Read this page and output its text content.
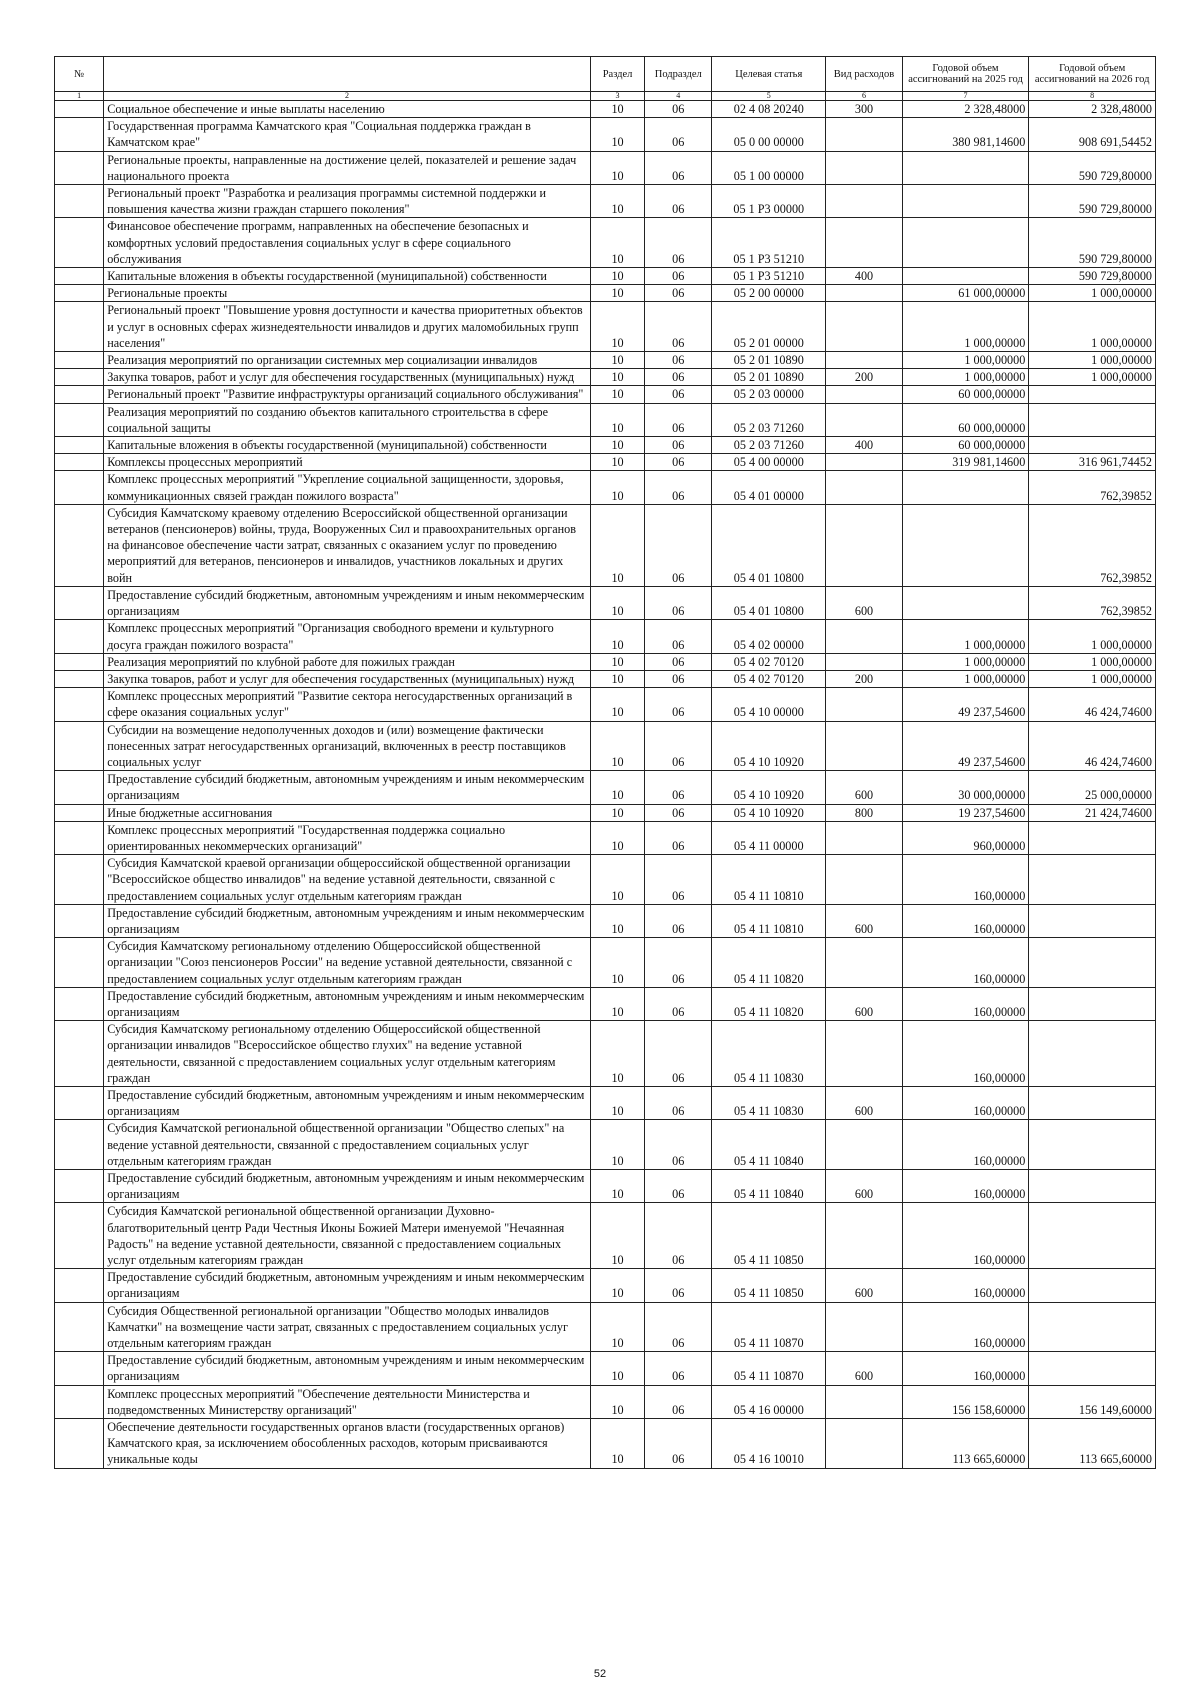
№		Раздел	Подраздел	Целевая статья	Вид расходов	Годовой объем ассигнований на 2025 год	Годовой объем ассигнований на 2026 год
1	2	3	4	5	6	7	8
	Социальное обеспечение и иные выплаты населению	10	06	02 4 08 20240	300	2 328,48000	2 328,48000
	Государственная программа Камчатского края "Социальная поддержка граждан в Камчатском крае"	10	06	05 0 00 00000		380 981,14600	908 691,54452
	Региональные проекты, направленные на достижение целей, показателей и решение задач национального проекта	10	06	05 1 00 00000			590 729,80000
	Региональный проект "Разработка и реализация программы системной поддержки и повышения качества жизни граждан старшего поколения"	10	06	05 1 P3 00000			590 729,80000
	Финансовое обеспечение программ, направленных на обеспечение безопасных и комфортных условий предоставления социальных услуг в сфере социального обслуживания	10	06	05 1 P3 51210			590 729,80000
	Капитальные вложения в объекты государственной (муниципальной) собственности	10	06	05 1 P3 51210	400		590 729,80000
	Региональные проекты	10	06	05 2 00 00000		61 000,00000	1 000,00000
	Региональный проект "Повышение уровня доступности и качества приоритетных объектов и услуг в основных сферах жизнедеятельности инвалидов и других маломобильных групп населения"	10	06	05 2 01 00000		1 000,00000	1 000,00000
	Реализация мероприятий по организации системных мер социализации инвалидов	10	06	05 2 01 10890		1 000,00000	1 000,00000
	Закупка товаров, работ и услуг для обеспечения государственных (муниципальных) нужд	10	06	05 2 01 10890	200	1 000,00000	1 000,00000
	Региональный проект "Развитие инфраструктуры организаций социального обслуживания"	10	06	05 2 03 00000		60 000,00000	
	Реализация мероприятий по созданию объектов капитального строительства в сфере социальной защиты	10	06	05 2 03 71260		60 000,00000	
	Капитальные вложения в объекты государственной (муниципальной) собственности	10	06	05 2 03 71260	400	60 000,00000	
	Комплексы процессных мероприятий	10	06	05 4 00 00000		319 981,14600	316 961,74452
	Комплекс процессных мероприятий "Укрепление социальной защищенности, здоровья, коммуникационных связей граждан пожилого возраста"	10	06	05 4 01 00000			762,39852
	Субсидия Камчатскому краевому отделению Всероссийской общественной организации ветеранов (пенсионеров) войны, труда, Вооруженных Сил и правоохранительных органов на финансовое обеспечение части затрат, связанных с оказанием услуг по проведению мероприятий для ветеранов, пенсионеров и инвалидов, участников локальных и других войн	10	06	05 4 01 10800			762,39852
	Предоставление субсидий бюджетным, автономным учреждениям и иным некоммерческим организациям	10	06	05 4 01 10800	600		762,39852
	Комплекс процессных мероприятий "Организация свободного времени и культурного досуга граждан пожилого возраста"	10	06	05 4 02 00000		1 000,00000	1 000,00000
	Реализация мероприятий по клубной работе для пожилых граждан	10	06	05 4 02 70120		1 000,00000	1 000,00000
	Закупка товаров, работ и услуг для обеспечения государственных (муниципальных) нужд	10	06	05 4 02 70120	200	1 000,00000	1 000,00000
	Комплекс процессных мероприятий "Развитие сектора негосударственных организаций в сфере оказания социальных услуг"	10	06	05 4 10 00000		49 237,54600	46 424,74600
	Субсидии на возмещение недополученных доходов и (или) возмещение фактически понесенных затрат негосударственных организаций, включенных в реестр поставщиков социальных услуг	10	06	05 4 10 10920		49 237,54600	46 424,74600
	Предоставление субсидий бюджетным, автономным учреждениям и иным некоммерческим организациям	10	06	05 4 10 10920	600	30 000,00000	25 000,00000
	Иные бюджетные ассигнования	10	06	05 4 10 10920	800	19 237,54600	21 424,74600
	Комплекс процессных мероприятий "Государственная поддержка социально ориентированных некоммерческих организаций"	10	06	05 4 11 00000		960,00000	
	Субсидия Камчатской краевой организации общероссийской общественной организации "Всероссийское общество инвалидов" на ведение уставной деятельности, связанной с предоставлением социальных услуг отдельным категориям граждан	10	06	05 4 11 10810		160,00000	
	Предоставление субсидий бюджетным, автономным учреждениям и иным некоммерческим организациям	10	06	05 4 11 10810	600	160,00000	
	Субсидия Камчатскому региональному отделению Общероссийской общественной организации "Союз пенсионеров России" на ведение уставной деятельности, связанной с предоставлением социальных услуг отдельным категориям граждан	10	06	05 4 11 10820		160,00000	
	Предоставление субсидий бюджетным, автономным учреждениям и иным некоммерческим организациям	10	06	05 4 11 10820	600	160,00000	
	Субсидия Камчатскому региональному отделению Общероссийской общественной организации инвалидов "Всероссийское общество глухих" на ведение уставной деятельности, связанной с предоставлением социальных услуг отдельным категориям граждан	10	06	05 4 11 10830		160,00000	
	Предоставление субсидий бюджетным, автономным учреждениям и иным некоммерческим организациям	10	06	05 4 11 10830	600	160,00000	
	Субсидия Камчатской региональной общественной организации "Общество слепых" на ведение уставной деятельности, связанной с предоставлением социальных услуг отдельным категориям граждан	10	06	05 4 11 10840		160,00000	
	Предоставление субсидий бюджетным, автономным учреждениям и иным некоммерческим организациям	10	06	05 4 11 10840	600	160,00000	
	Субсидия Камчатской региональной общественной организации Духовно-благотворительный центр Ради Честныя Иконы Божией Матери именуемой "Нечаянная Радость" на ведение уставной деятельности, связанной с предоставлением социальных услуг отдельным категориям граждан	10	06	05 4 11 10850		160,00000	
	Предоставление субсидий бюджетным, автономным учреждениям и иным некоммерческим организациям	10	06	05 4 11 10850	600	160,00000	
	Субсидия Общественной региональной организации "Общество молодых инвалидов Камчатки" на возмещение части затрат, связанных с предоставлением социальных услуг отдельным категориям граждан	10	06	05 4 11 10870		160,00000	
	Предоставление субсидий бюджетным, автономным учреждениям и иным некоммерческим организациям	10	06	05 4 11 10870	600	160,00000	
	Комплекс процессных мероприятий "Обеспечение деятельности Министерства и подведомственных Министерству организаций"	10	06	05 4 16 00000		156 158,60000	156 149,60000
	Обеспечение деятельности государственных органов власти (государственных органов) Камчатского края, за исключением обособленных расходов, которым присваиваются уникальные коды	10	06	05 4 16 10010		113 665,60000	113 665,60000
52
